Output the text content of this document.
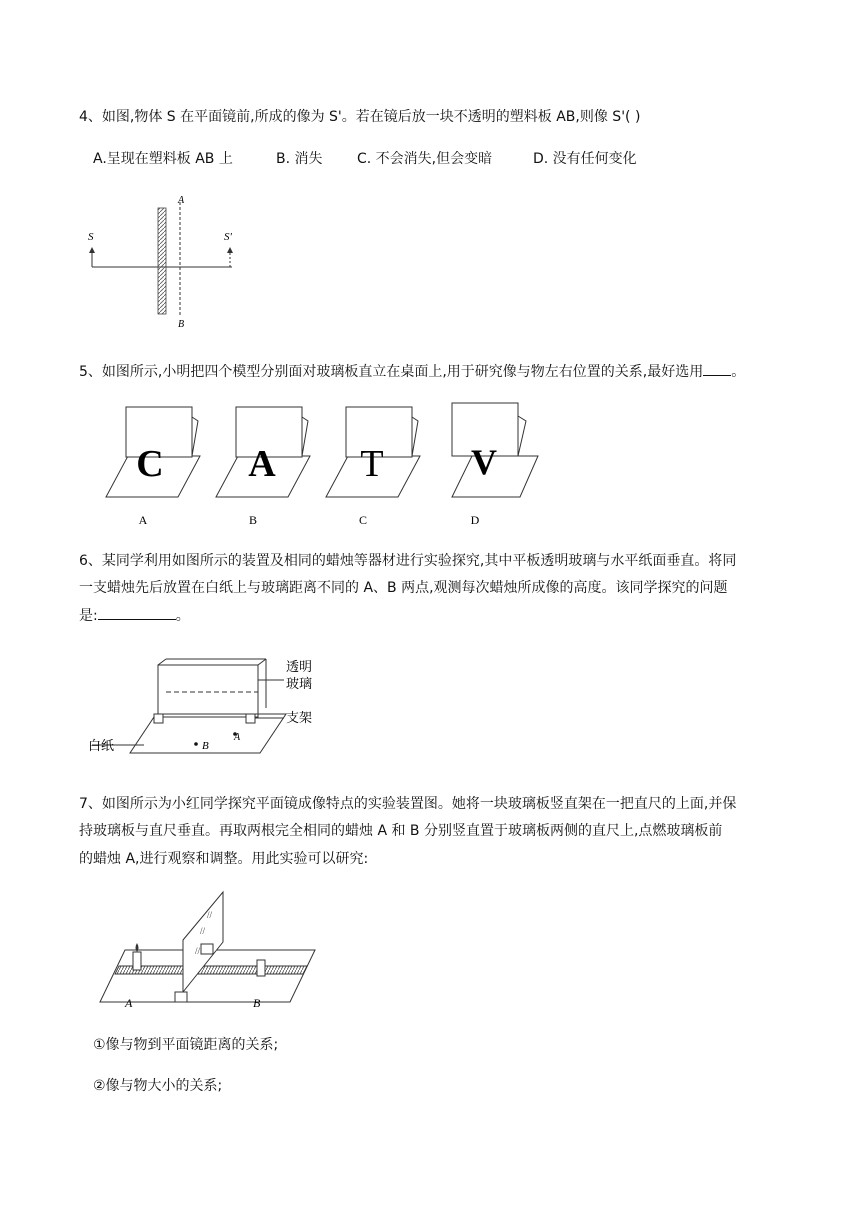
4、如图,物体 S 在平面镜前,所成的像为 S'。若在镜后放一块不透明的塑料板 AB,则像 S'( )
A.呈现在塑料板 AB 上	B. 消失 C. 不会消失,但会变暗	D. 没有任何变化
S	S'
A
B
5、如图所示,小明把四个模型分别面对玻璃板直立在桌面上,用于研究像与物左右位置的关系,最好选用 。
C
A
A
B
T
C
V
D
6、某同学利用如图所示的装置及相同的蜡烛等器材进行实验探究,其中平板透明玻璃与水平纸面垂直。将同
一支蜡烛先后放置在白纸上与玻璃距离不同的 A、B 两点,观测每次蜡烛所成像的高度。该同学探究的问题
是:	。
透明
玻璃
支架
白纸
A
B
7、如图所示为小红同学探究平面镜成像特点的实验装置图。她将一块玻璃板竖直架在一把直尺的上面,并保
持玻璃板与直尺垂直。再取两根完全相同的蜡烛 A 和 B 分别竖直置于玻璃板两侧的直尺上,点燃玻璃板前
的蜡烛 A,进行观察和调整。用此实验可以研究:
//
//
//
A	B
①像与物到平面镜距离的关系;
②像与物大小的关系;
